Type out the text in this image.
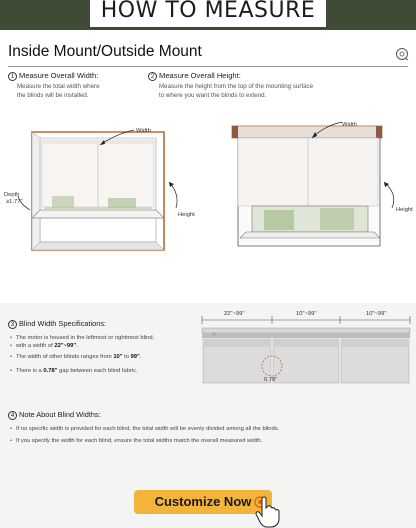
HOW TO MEASURE
Inside Mount/Outside Mount
1 Measure Overall Width:
Measure the total width where
the blinds will be installed.
Width
Depth
≥1.77"
Height
2 Measure Overall Height:
Measure the height from the top of the mounting surface
to where you want the blinds to extend.
Width
Height
3 Blind Width Specifications:
• The motor is housed in the leftmost or rightmost blind,
• with a width of 22"~99".
• The width of other blinds ranges from 10" to 99".
• There is a 0.78" gap between each blind fabric.
22"~99"	10"~99"	10"~99"
0.78"
4 Note About Blind Widths:
• If no specific width is provided for each blind, the total width will be evenly divided among all the blinds.
• If you specify the width for each blind, ensure the total widths match the overall measured width.
Customize Now
